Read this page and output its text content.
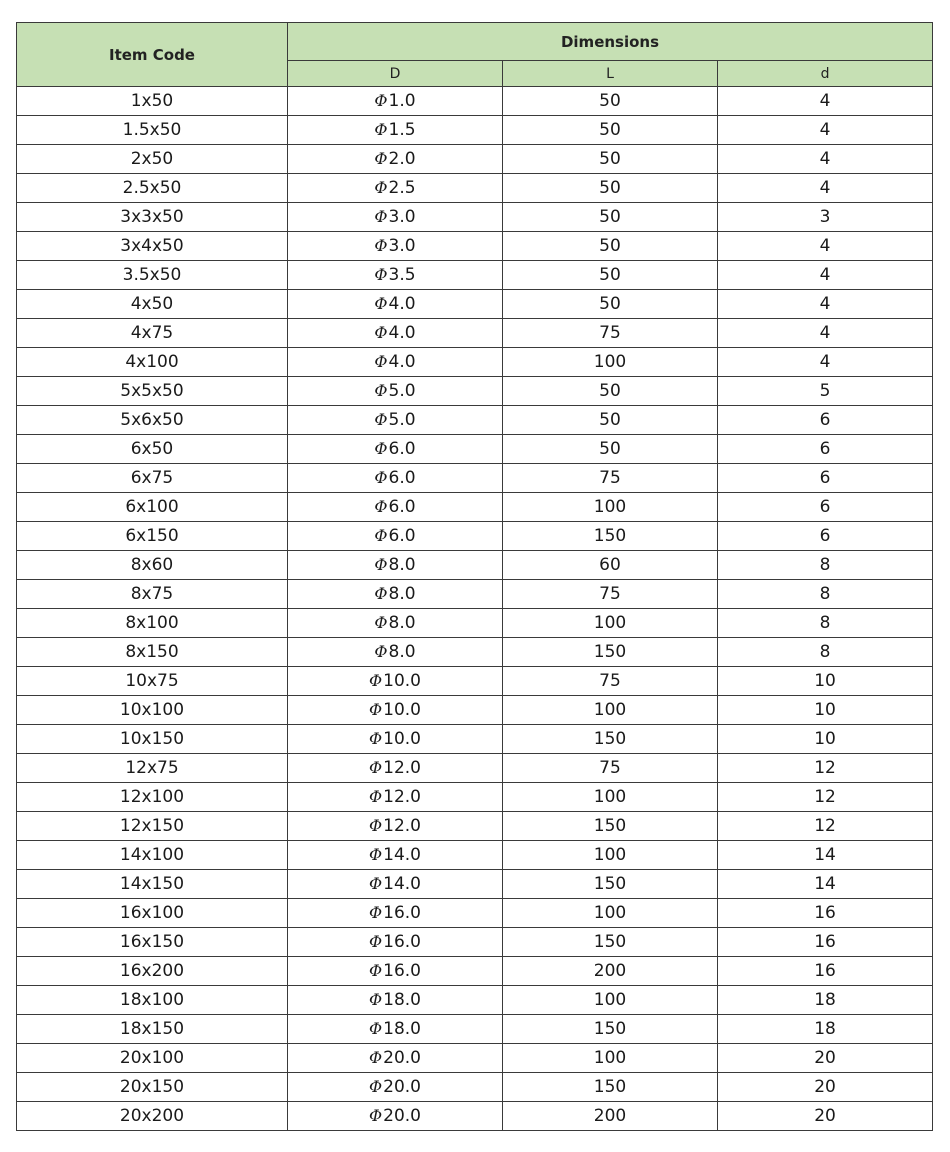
Item Code	Dimensions		
	D	L	d
1x50	Φ1.0	50	4
1.5x50	Φ1.5	50	4
2x50	Φ2.0	50	4
2.5x50	Φ2.5	50	4
3x3x50	Φ3.0	50	3
3x4x50	Φ3.0	50	4
3.5x50	Φ3.5	50	4
4x50	Φ4.0	50	4
4x75	Φ4.0	75	4
4x100	Φ4.0	100	4
5x5x50	Φ5.0	50	5
5x6x50	Φ5.0	50	6
6x50	Φ6.0	50	6
6x75	Φ6.0	75	6
6x100	Φ6.0	100	6
6x150	Φ6.0	150	6
8x60	Φ8.0	60	8
8x75	Φ8.0	75	8
8x100	Φ8.0	100	8
8x150	Φ8.0	150	8
10x75	Φ10.0	75	10
10x100	Φ10.0	100	10
10x150	Φ10.0	150	10
12x75	Φ12.0	75	12
12x100	Φ12.0	100	12
12x150	Φ12.0	150	12
14x100	Φ14.0	100	14
14x150	Φ14.0	150	14
16x100	Φ16.0	100	16
16x150	Φ16.0	150	16
16x200	Φ16.0	200	16
18x100	Φ18.0	100	18
18x150	Φ18.0	150	18
20x100	Φ20.0	100	20
20x150	Φ20.0	150	20
20x200	Φ20.0	200	20
